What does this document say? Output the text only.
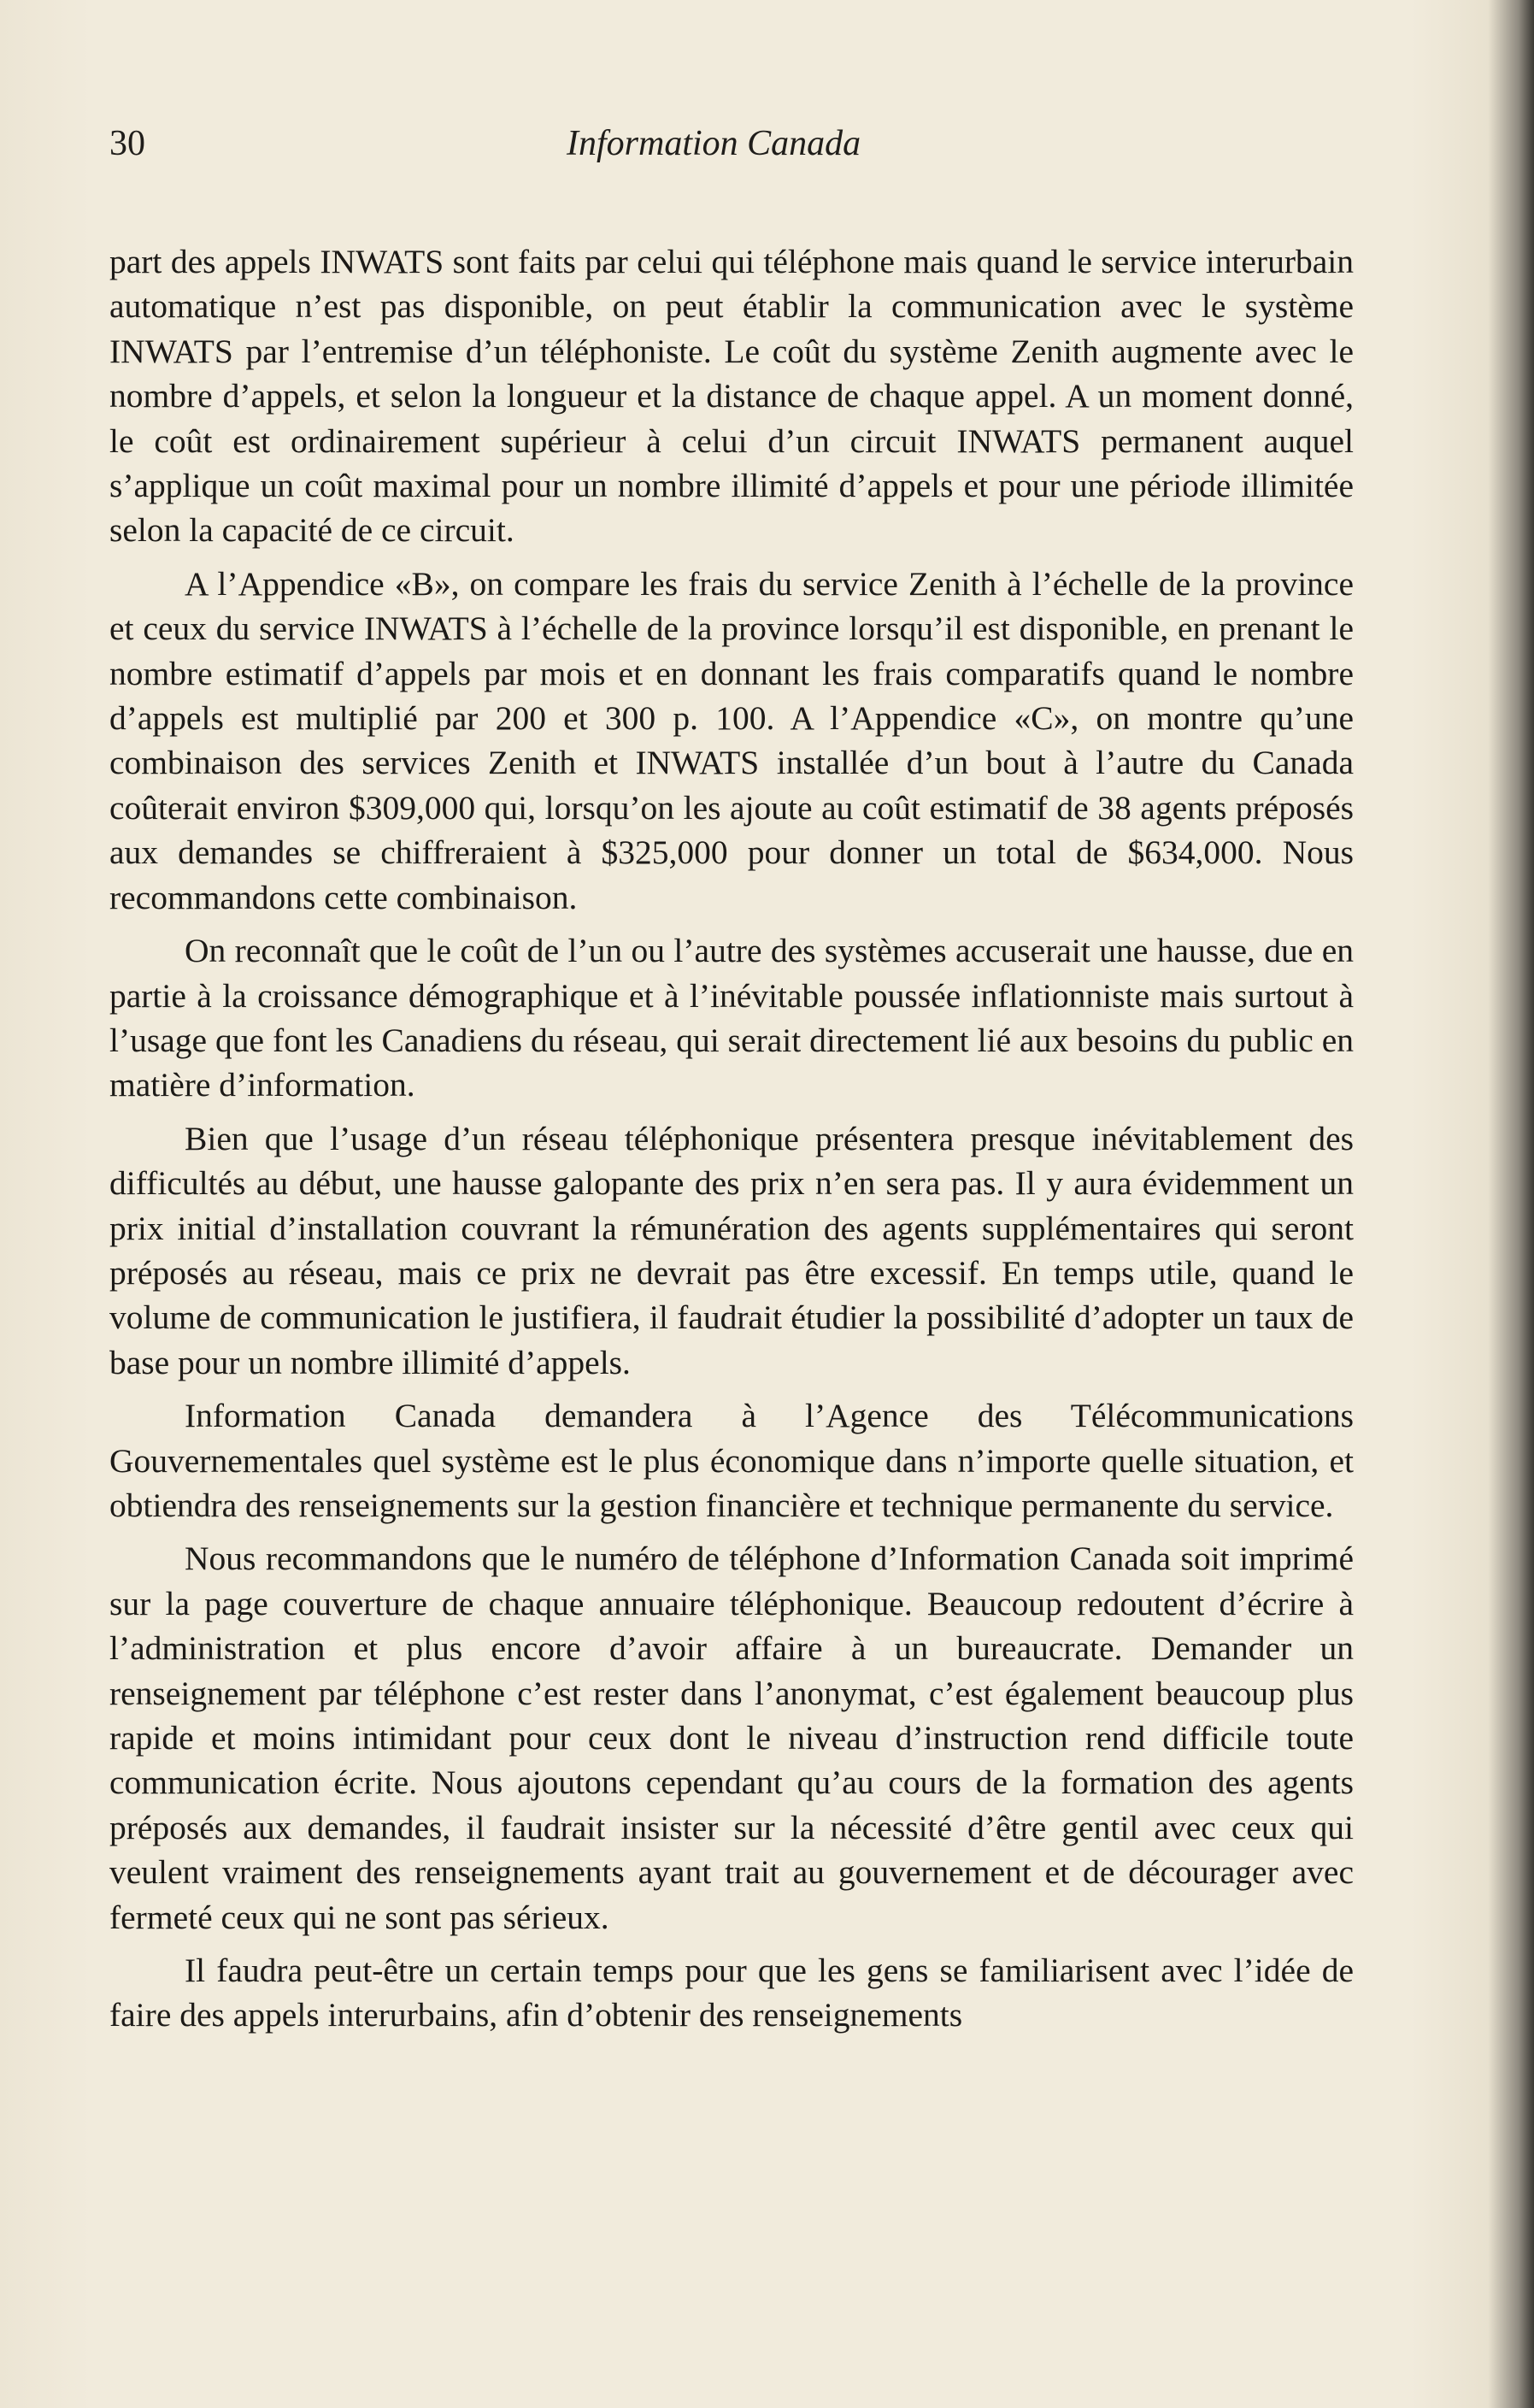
30	Information Canada

part des appels INWATS sont faits par celui qui téléphone mais quand le service interurbain automatique n’est pas disponible, on peut établir la communication avec le système INWATS par l’entremise d’un téléphoniste. Le coût du système Zenith augmente avec le nombre d’appels, et selon la longueur et la distance de chaque appel. A un moment donné, le coût est ordinairement supérieur à celui d’un circuit INWATS permanent auquel s’applique un coût maximal pour un nombre illimité d’appels et pour une période illimitée selon la capacité de ce circuit.

A l’Appendice «B», on compare les frais du service Zenith à l’échelle de la province et ceux du service INWATS à l’échelle de la province lorsqu’il est disponible, en prenant le nombre estimatif d’appels par mois et en donnant les frais comparatifs quand le nombre d’appels est multiplié par 200 et 300 p. 100. A l’Appendice «C», on montre qu’une combinaison des services Zenith et INWATS installée d’un bout à l’autre du Canada coûterait environ $309,000 qui, lorsqu’on les ajoute au coût estimatif de 38 agents préposés aux demandes se chiffreraient à $325,000 pour donner un total de $634,000. Nous recommandons cette combinaison.

On reconnaît que le coût de l’un ou l’autre des systèmes accuserait une hausse, due en partie à la croissance démographique et à l’inévitable poussée inflationniste mais surtout à l’usage que font les Canadiens du réseau, qui serait directement lié aux besoins du public en matière d’information.

Bien que l’usage d’un réseau téléphonique présentera presque inévitablement des difficultés au début, une hausse galopante des prix n’en sera pas. Il y aura évidemment un prix initial d’installation couvrant la rémunération des agents supplémentaires qui seront préposés au réseau, mais ce prix ne devrait pas être excessif. En temps utile, quand le volume de communication le justifiera, il faudrait étudier la possibilité d’adopter un taux de base pour un nombre illimité d’appels.

Information Canada demandera à l’Agence des Télécommunications Gouvernementales quel système est le plus économique dans n’importe quelle situation, et obtiendra des renseignements sur la gestion financière et technique permanente du service.

Nous recommandons que le numéro de téléphone d’Information Canada soit imprimé sur la page couverture de chaque annuaire téléphonique. Beaucoup redoutent d’écrire à l’administration et plus encore d’avoir affaire à un bureaucrate. Demander un renseignement par téléphone c’est rester dans l’anonymat, c’est également beaucoup plus rapide et moins intimidant pour ceux dont le niveau d’instruction rend difficile toute communication écrite. Nous ajoutons cependant qu’au cours de la formation des agents préposés aux demandes, il faudrait insister sur la nécessité d’être gentil avec ceux qui veulent vraiment des renseignements ayant trait au gouvernement et de décourager avec fermeté ceux qui ne sont pas sérieux.

Il faudra peut-être un certain temps pour que les gens se familiarisent avec l’idée de faire des appels interurbains, afin d’obtenir des renseignements
